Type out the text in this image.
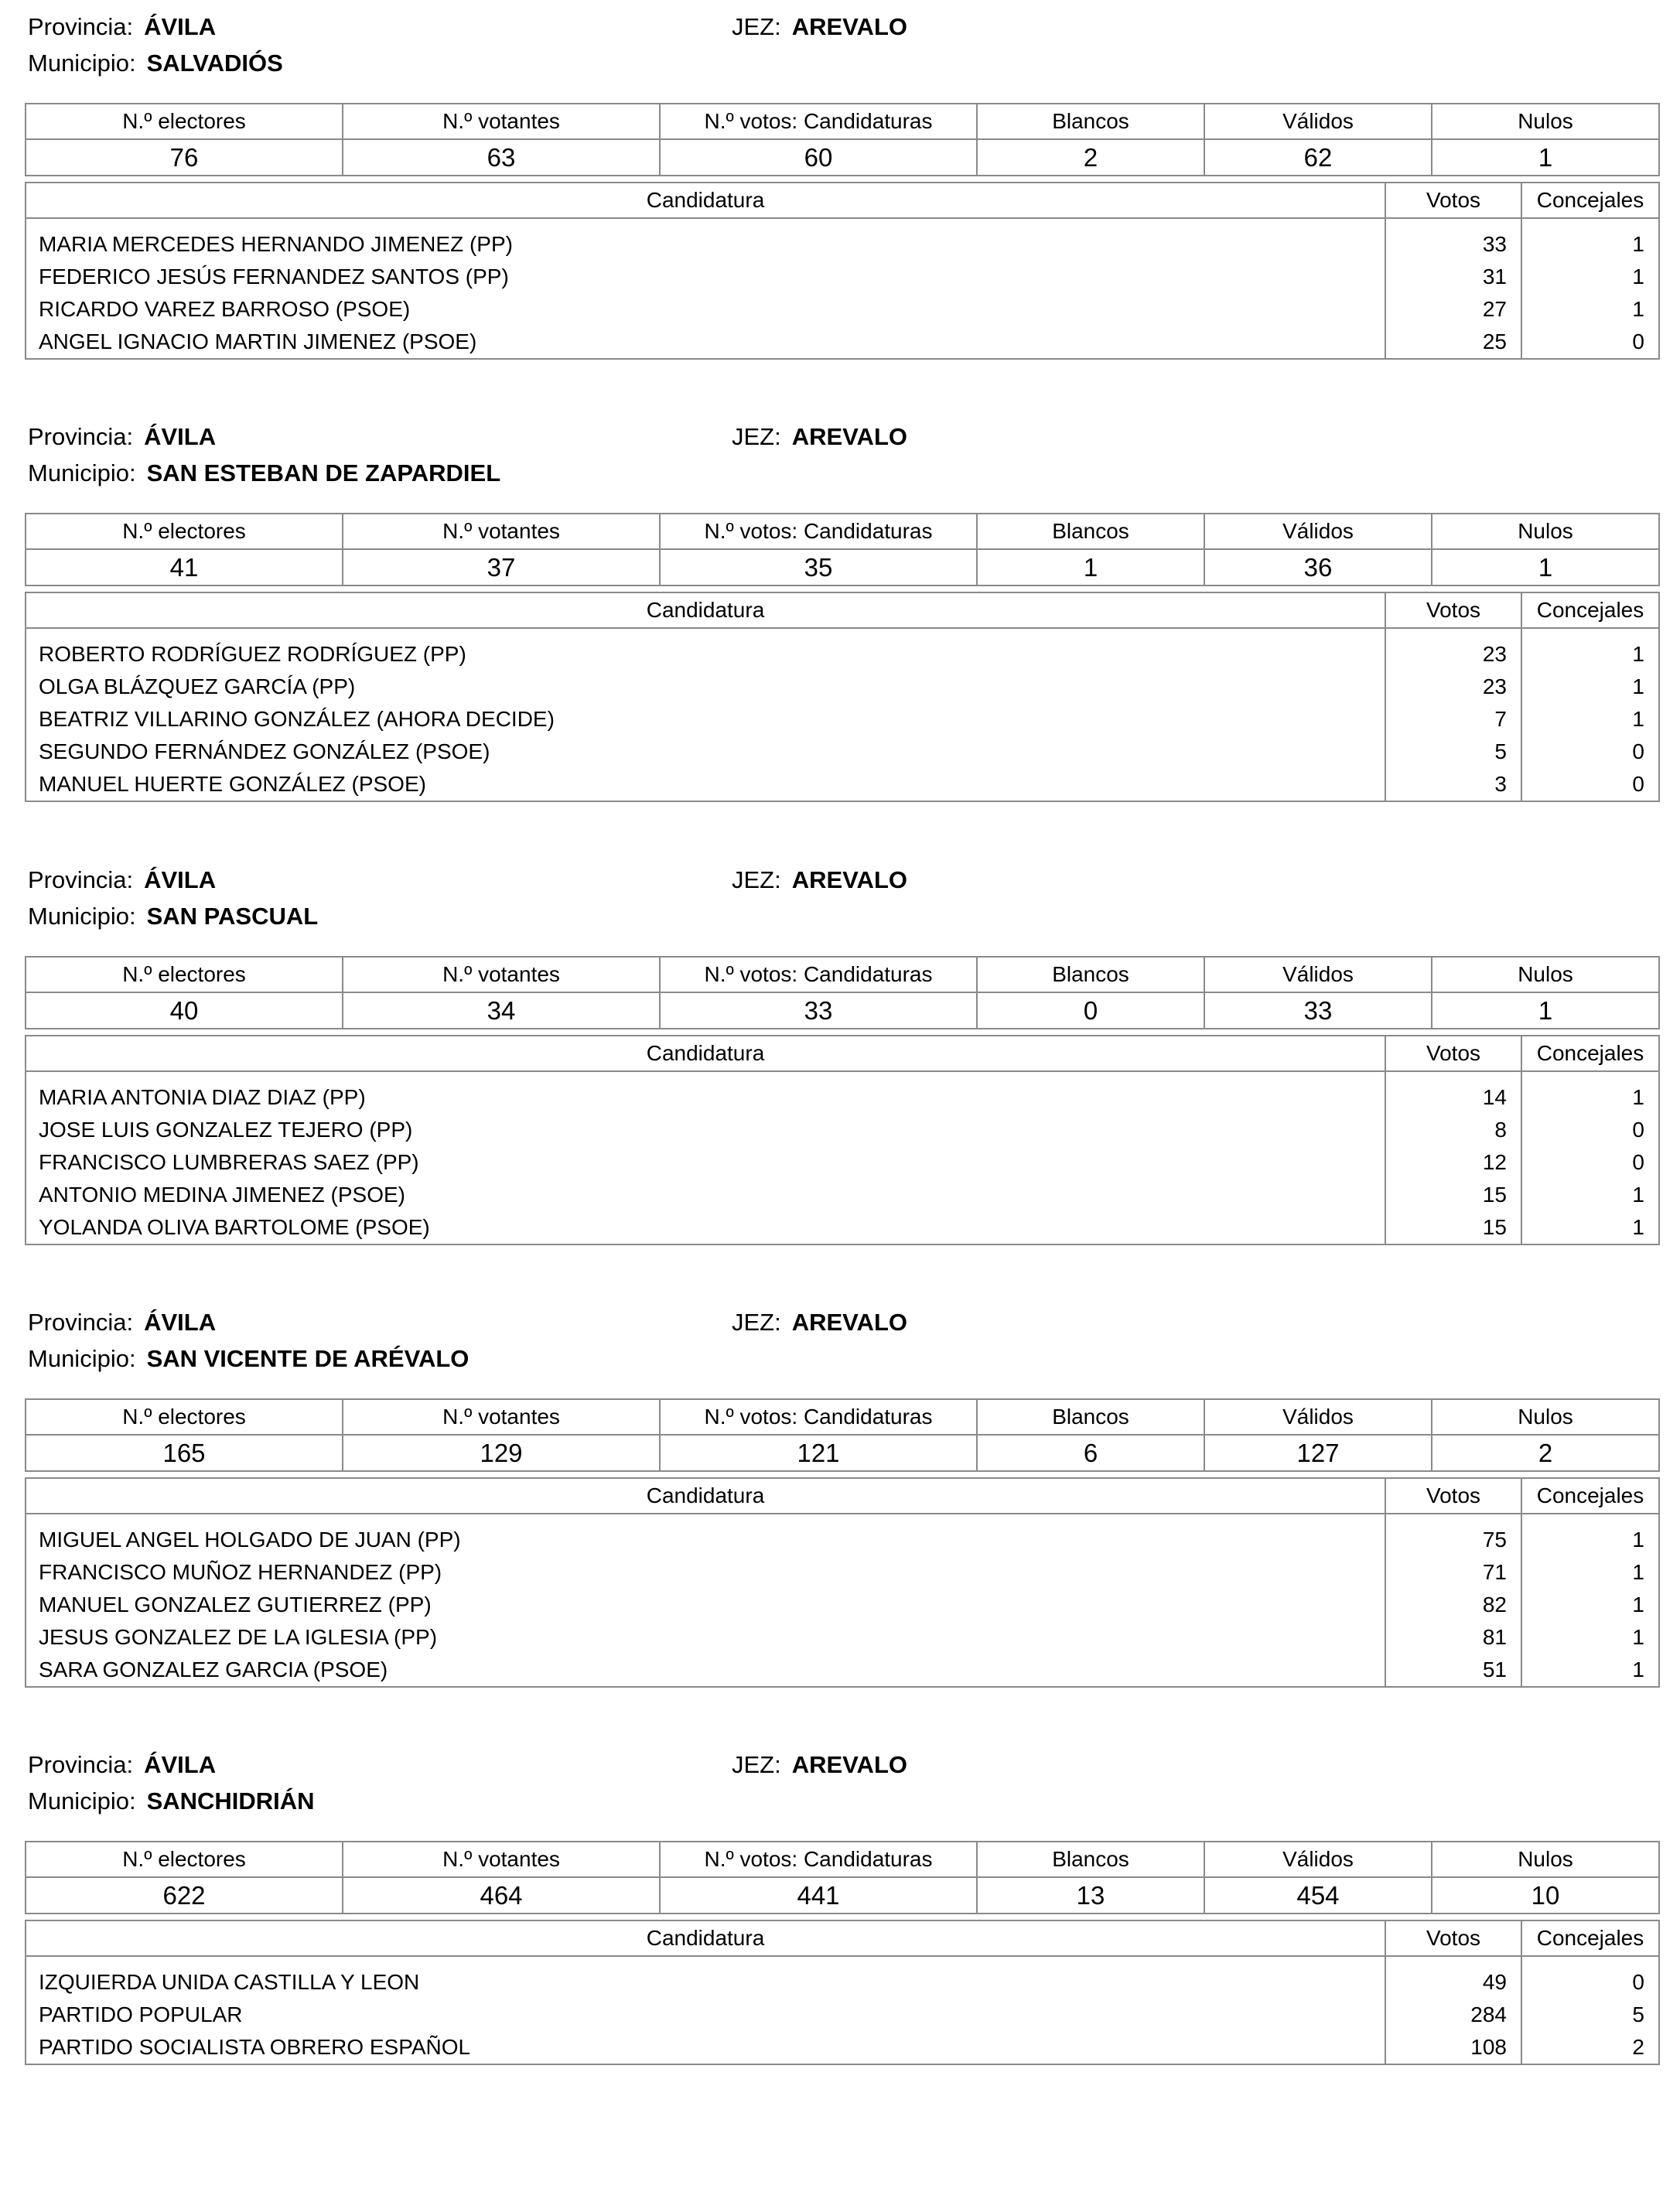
Provincia: ÁVILA	JEZ: AREVALO
Municipio: SALVADIÓS
N.º electores	N.º votantes	N.º votos: Candidaturas	Blancos	Válidos	Nulos
76	63	60	2	62	1
Candidatura	Votos	Concejales

MARIA MERCEDES HERNANDO JIMENEZ (PP)	33	1
FEDERICO JESÚS FERNANDEZ SANTOS (PP)	31	1
RICARDO VAREZ BARROSO (PSOE)	27	1
ANGEL IGNACIO MARTIN JIMENEZ (PSOE)	25	0
Provincia: ÁVILA	JEZ: AREVALO
Municipio: SAN ESTEBAN DE ZAPARDIEL
N.º electores	N.º votantes	N.º votos: Candidaturas	Blancos	Válidos	Nulos
41	37	35	1	36	1
Candidatura	Votos	Concejales

ROBERTO RODRÍGUEZ RODRÍGUEZ (PP)	23	1
OLGA BLÁZQUEZ GARCÍA (PP)	23	1
BEATRIZ VILLARINO GONZÁLEZ (AHORA DECIDE)	7	1
SEGUNDO FERNÁNDEZ GONZÁLEZ (PSOE)	5	0
MANUEL HUERTE GONZÁLEZ (PSOE)	3	0
Provincia: ÁVILA	JEZ: AREVALO
Municipio: SAN PASCUAL
N.º electores	N.º votantes	N.º votos: Candidaturas	Blancos	Válidos	Nulos
40	34	33	0	33	1
Candidatura	Votos	Concejales

MARIA ANTONIA DIAZ DIAZ (PP)	14	1
JOSE LUIS GONZALEZ TEJERO (PP)	8	0
FRANCISCO LUMBRERAS SAEZ (PP)	12	0
ANTONIO MEDINA JIMENEZ (PSOE)	15	1
YOLANDA OLIVA BARTOLOME (PSOE)	15	1
Provincia: ÁVILA	JEZ: AREVALO
Municipio: SAN VICENTE DE ARÉVALO
N.º electores	N.º votantes	N.º votos: Candidaturas	Blancos	Válidos	Nulos
165	129	121	6	127	2
Candidatura	Votos	Concejales

MIGUEL ANGEL HOLGADO DE JUAN (PP)	75	1
FRANCISCO MUÑOZ HERNANDEZ (PP)	71	1
MANUEL GONZALEZ GUTIERREZ (PP)	82	1
JESUS GONZALEZ DE LA IGLESIA (PP)	81	1
SARA GONZALEZ GARCIA (PSOE)	51	1
Provincia: ÁVILA	JEZ: AREVALO
Municipio: SANCHIDRIÁN
N.º electores	N.º votantes	N.º votos: Candidaturas	Blancos	Válidos	Nulos
622	464	441	13	454	10
Candidatura	Votos	Concejales

IZQUIERDA UNIDA CASTILLA Y LEON	49	0
PARTIDO POPULAR	284	5
PARTIDO SOCIALISTA OBRERO ESPAÑOL	108	2
